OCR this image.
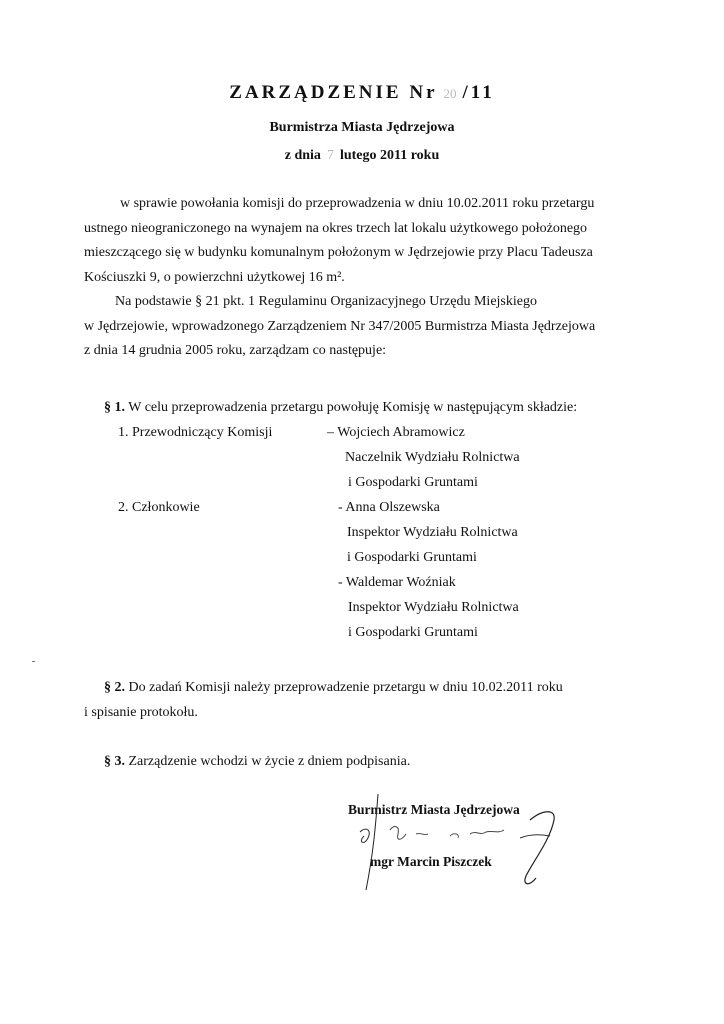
ZARZĄDZENIE Nr 20 /11
Burmistrza Miasta Jędrzejowa
z dnia 7 lutego 2011 roku

w sprawie powołania komisji do przeprowadzenia w dniu 10.02.2011 roku przetargu

ustnego nieograniczonego na wynajem na okres trzech lat lokalu użytkowego położonego

mieszczącego się w budynku komunalnym położonym w Jędrzejowie przy Placu Tadeusza

Kościuszki 9, o powierzchni użytkowej 16 m².

Na podstawie § 21 pkt. 1 Regulaminu Organizacyjnego Urzędu Miejskiego

w Jędrzejowie, wprowadzonego Zarządzeniem Nr 347/2005 Burmistrza Miasta Jędrzejowa

z dnia 14 grudnia 2005 roku, zarządzam co następuje:

§ 1. W celu przeprowadzenia przetargu powołuję Komisję w następującym składzie:
1. Przewodniczący Komisji	– Wojciech Abramowicz
Naczelnik Wydziału Rolnictwa
i Gospodarki Gruntami
2. Członkowie	- Anna Olszewska
Inspektor Wydziału Rolnictwa
i Gospodarki Gruntami
- Waldemar Woźniak
Inspektor Wydziału Rolnictwa
i Gospodarki Gruntami

§ 2. Do zadań Komisji należy przeprowadzenie przetargu w dniu 10.02.2011 roku

i spisanie protokołu.

§ 3. Zarządzenie wchodzi w życie z dniem podpisania.
Burmistrz Miasta Jędrzejowa
mgr Marcin Piszczek
